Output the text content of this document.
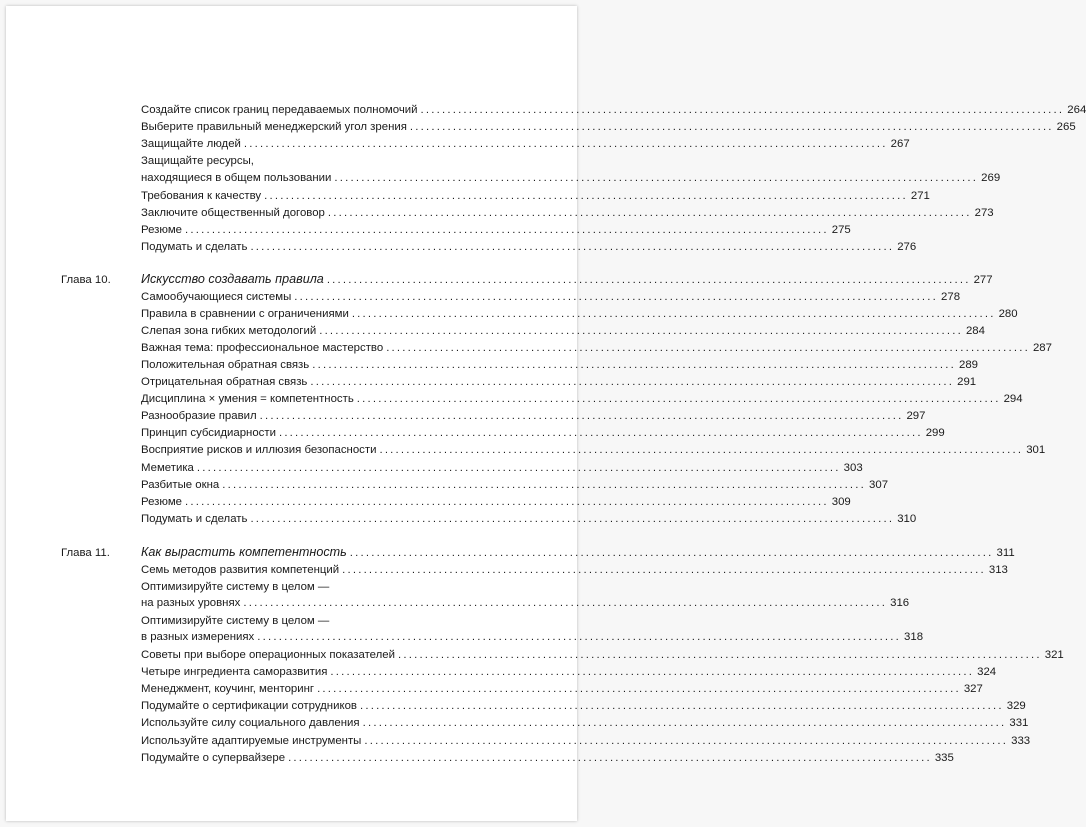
Создайте список границ передаваемых полномочий ........................................................................................................................ 264
Выберите правильный менеджерский угол зрения ........................................................................................................................ 265
Защищайте людей ........................................................................................................................ 267
Защищайте ресурсы,
находящиеся в общем пользовании ........................................................................................................................ 269
Требования к качеству ........................................................................................................................ 271
Заключите общественный договор ........................................................................................................................ 273
Резюме ........................................................................................................................ 275
Подумать и сделать ........................................................................................................................ 276
Глава 10. Искусство создавать правила ........................................................................................................................ 277
Самообучающиеся системы ........................................................................................................................ 278
Правила в сравнении с ограничениями ........................................................................................................................ 280
Слепая зона гибких методологий ........................................................................................................................ 284
Важная тема: профессиональное мастерство ........................................................................................................................ 287
Положительная обратная связь ........................................................................................................................ 289
Отрицательная обратная связь ........................................................................................................................ 291
Дисциплина × умения = компетентность ........................................................................................................................ 294
Разнообразие правил ........................................................................................................................ 297
Принцип субсидиарности ........................................................................................................................ 299
Восприятие рисков и иллюзия безопасности ........................................................................................................................ 301
Меметика ........................................................................................................................ 303
Разбитые окна ........................................................................................................................ 307
Резюме ........................................................................................................................ 309
Подумать и сделать ........................................................................................................................ 310
Глава 11. Как вырастить компетентность ........................................................................................................................ 311
Семь методов развития компетенций ........................................................................................................................ 313
Оптимизируйте систему в целом —
на разных уровнях ........................................................................................................................ 316
Оптимизируйте систему в целом —
в разных измерениях ........................................................................................................................ 318
Советы при выборе операционных показателей ........................................................................................................................ 321
Четыре ингредиента саморазвития ........................................................................................................................ 324
Менеджмент, коучинг, менторинг ........................................................................................................................ 327
Подумайте о сертификации сотрудников ........................................................................................................................ 329
Используйте силу социального давления ........................................................................................................................ 331
Используйте адаптируемые инструменты ........................................................................................................................ 333
Подумайте о супервайзере ........................................................................................................................ 335
